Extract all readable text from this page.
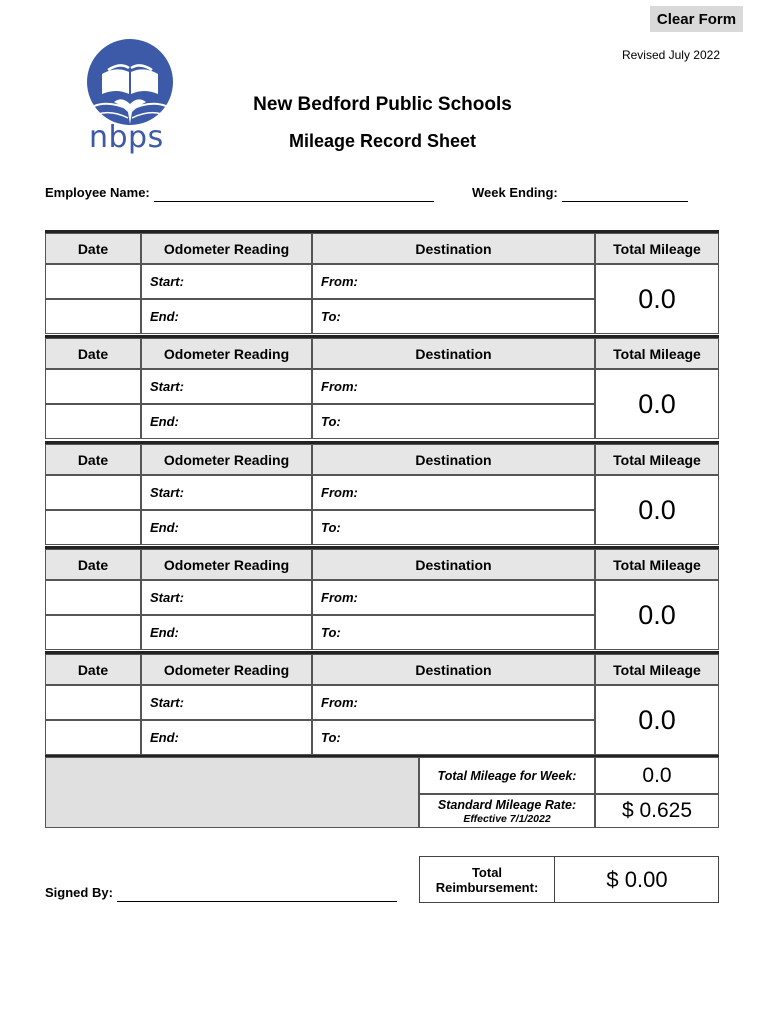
Clear Form
Revised July 2022
nbps
New Bedford Public Schools
Mileage Record Sheet
Employee Name:	Week Ending:
Date	Odometer Reading	Destination	Total Mileage
Start:	From:
End:	To:
0.0
Date	Odometer Reading	Destination	Total Mileage
Start:	From:
End:	To:
0.0
Date	Odometer Reading	Destination	Total Mileage
Start:	From:
End:	To:
0.0
Date	Odometer Reading	Destination	Total Mileage
Start:	From:
End:	To:
0.0
Date	Odometer Reading	Destination	Total Mileage
Start:	From:
End:	To:
0.0
Total Mileage for Week:	0.0
Standard Mileage Rate:
Effective 7/1/2022	$ 0.625
Signed By:
Total
Reimbursement:	$ 0.00
